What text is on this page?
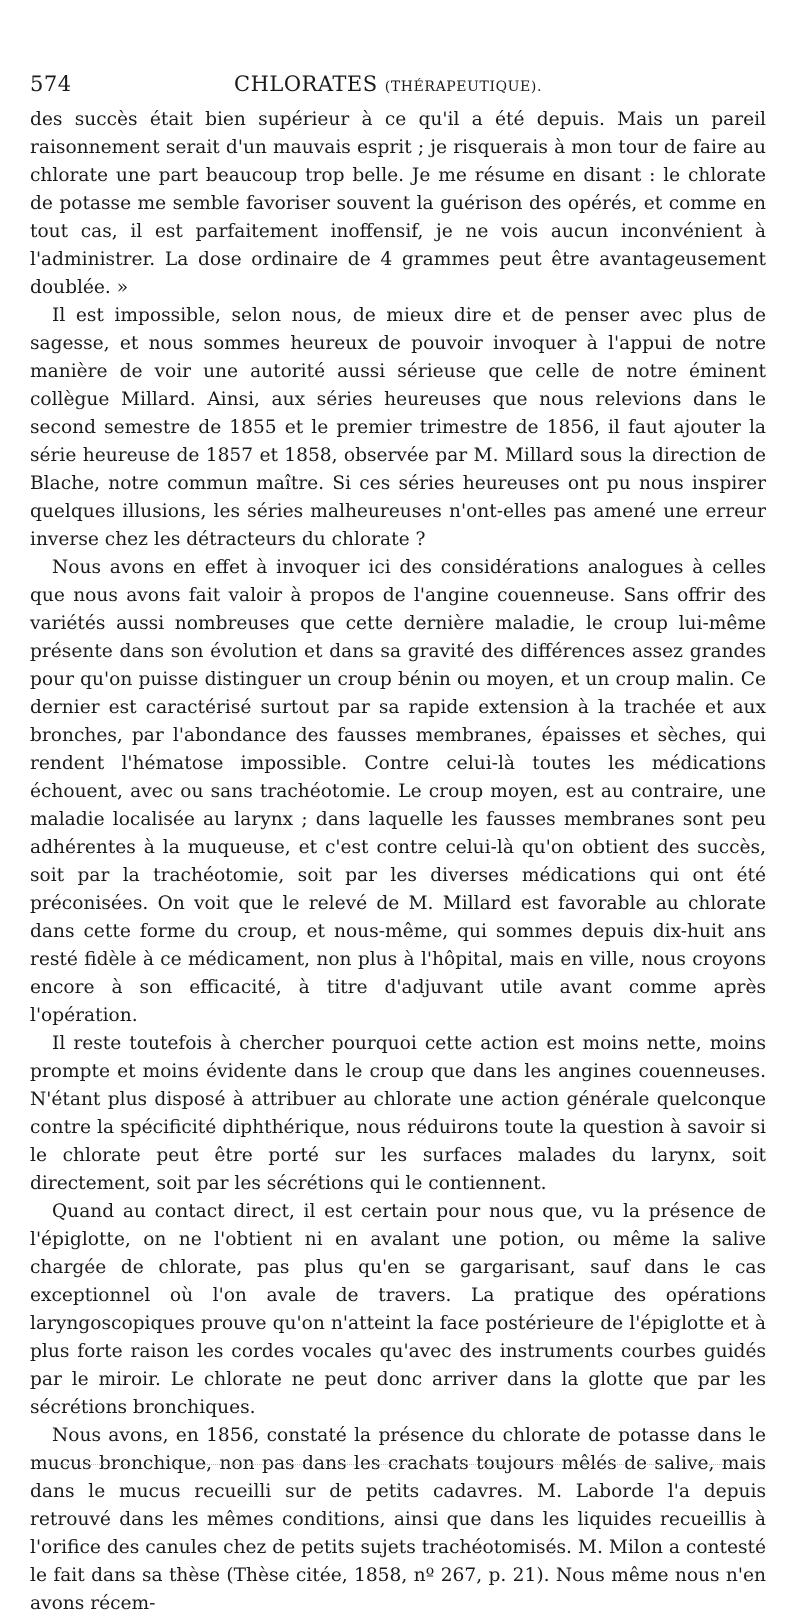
574	CHLORATES (THÉRAPEUTIQUE).

des succès était bien supérieur à ce qu'il a été depuis. Mais un pareil raisonnement serait d'un mauvais esprit ; je risquerais à mon tour de faire au chlorate une part beaucoup trop belle. Je me résume en disant : le chlorate de potasse me semble favoriser souvent la guérison des opérés, et comme en tout cas, il est parfaitement inoffensif, je ne vois aucun inconvénient à l'administrer. La dose ordinaire de 4 grammes peut être avantageusement doublée. »

Il est impossible, selon nous, de mieux dire et de penser avec plus de sagesse, et nous sommes heureux de pouvoir invoquer à l'appui de notre manière de voir une autorité aussi sérieuse que celle de notre éminent collègue Millard. Ainsi, aux séries heureuses que nous relevions dans le second semestre de 1855 et le premier trimestre de 1856, il faut ajouter la série heureuse de 1857 et 1858, observée par M. Millard sous la direction de Blache, notre commun maître. Si ces séries heureuses ont pu nous inspirer quelques illusions, les séries malheureuses n'ont-elles pas amené une erreur inverse chez les détracteurs du chlorate ?

Nous avons en effet à invoquer ici des considérations analogues à celles que nous avons fait valoir à propos de l'angine couenneuse. Sans offrir des variétés aussi nombreuses que cette dernière maladie, le croup lui-même présente dans son évolution et dans sa gravité des différences assez grandes pour qu'on puisse distinguer un croup bénin ou moyen, et un croup malin. Ce dernier est caractérisé surtout par sa rapide extension à la trachée et aux bronches, par l'abondance des fausses membranes, épaisses et sèches, qui rendent l'hématose impossible. Contre celui-là toutes les médications échouent, avec ou sans trachéotomie. Le croup moyen, est au contraire, une maladie localisée au larynx ; dans laquelle les fausses membranes sont peu adhérentes à la muqueuse, et c'est contre celui-là qu'on obtient des succès, soit par la trachéotomie, soit par les diverses médications qui ont été préconisées. On voit que le relevé de M. Millard est favorable au chlorate dans cette forme du croup, et nous-même, qui sommes depuis dix-huit ans resté fidèle à ce médicament, non plus à l'hôpital, mais en ville, nous croyons encore à son efficacité, à titre d'adjuvant utile avant comme après l'opération.

Il reste toutefois à chercher pourquoi cette action est moins nette, moins prompte et moins évidente dans le croup que dans les angines couenneuses. N'étant plus disposé à attribuer au chlorate une action générale quelconque contre la spécificité diphthérique, nous réduirons toute la question à savoir si le chlorate peut être porté sur les surfaces malades du larynx, soit directement, soit par les sécrétions qui le contiennent.

Quand au contact direct, il est certain pour nous que, vu la présence de l'épiglotte, on ne l'obtient ni en avalant une potion, ou même la salive chargée de chlorate, pas plus qu'en se gargarisant, sauf dans le cas exceptionnel où l'on avale de travers. La pratique des opérations laryngoscopiques prouve qu'on n'atteint la face postérieure de l'épiglotte et à plus forte raison les cordes vocales qu'avec des instruments courbes guidés par le miroir. Le chlorate ne peut donc arriver dans la glotte que par les sécrétions bronchiques.

Nous avons, en 1856, constaté la présence du chlorate de potasse dans le mucus bronchique, non pas dans les crachats toujours mêlés de salive, mais dans le mucus recueilli sur de petits cadavres. M. Laborde l'a depuis retrouvé dans les mêmes conditions, ainsi que dans les liquides recueillis à l'orifice des canules chez de petits sujets trachéotomisés. M. Milon a contesté le fait dans sa thèse (Thèse citée, 1858, nº 267, p. 21). Nous même nous n'en avons récem-
